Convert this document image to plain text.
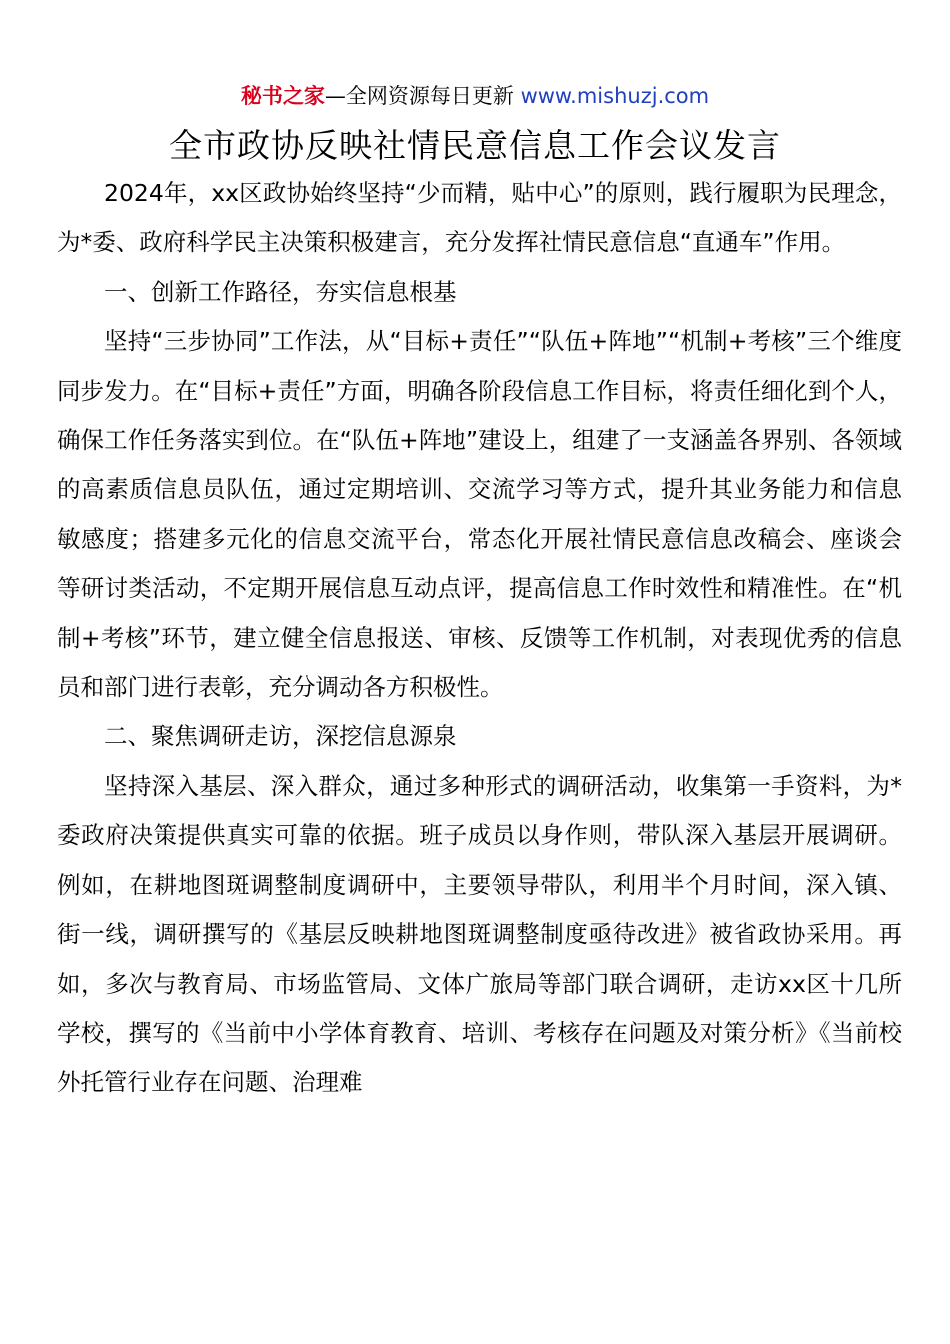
秘书之家—全网资源每日更新 www.mishuzj.com
全市政协反映社情民意信息工作会议发言

2024年，xx区政协始终坚持“少而精，贴中心”的原则，践行履职为民理念，为*委、政府科学民主决策积极建言，充分发挥社情民意信息“直通车”作用。

一、创新工作路径，夯实信息根基

坚持“三步协同”工作法，从“目标+责任”“队伍+阵地”“机制+考核”三个维度同步发力。在“目标+责任”方面，明确各阶段信息工作目标，将责任细化到个人，确保工作任务落实到位。在“队伍+阵地”建设上，组建了一支涵盖各界别、各领域的高素质信息员队伍，通过定期培训、交流学习等方式，提升其业务能力和信息敏感度；搭建多元化的信息交流平台，常态化开展社情民意信息改稿会、座谈会等研讨类活动，不定期开展信息互动点评，提高信息工作时效性和精准性。在“机制+考核”环节，建立健全信息报送、审核、反馈等工作机制，对表现优秀的信息员和部门进行表彰，充分调动各方积极性。

二、聚焦调研走访，深挖信息源泉

坚持深入基层、深入群众，通过多种形式的调研活动，收集第一手资料，为*委政府决策提供真实可靠的依据。班子成员以身作则，带队深入基层开展调研。例如，在耕地图斑调整制度调研中，主要领导带队，利用半个月时间，深入镇、街一线，调研撰写的《基层反映耕地图斑调整制度亟待改进》被省政协采用。再如，多次与教育局、市场监管局、文体广旅局等部门联合调研，走访xx区十几所学校，撰写的《当前中小学体育教育、培训、考核存在问题及对策分析》《当前校外托管行业存在问题、治理难
